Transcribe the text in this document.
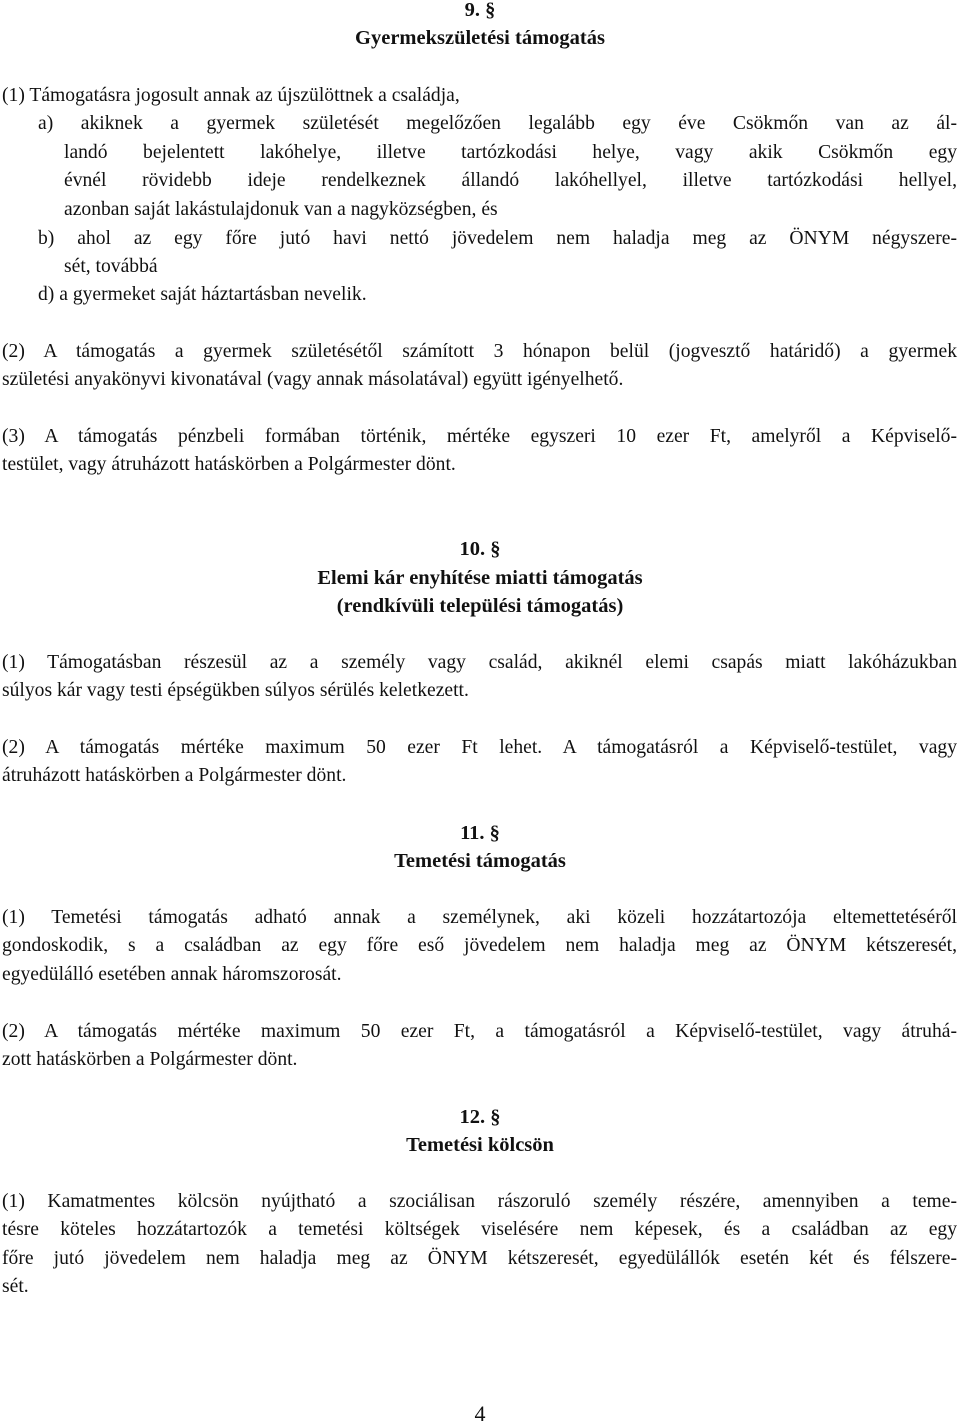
9. §
Gyermekszületési támogatás
(1) Támogatásra jogosult annak az újszülöttnek a családja,
a) akiknek a gyermek születését megelőzően legalább egy éve Csökmőn van az ál-
landó bejelentett lakóhelye, illetve tartózkodási helye, vagy akik Csökmőn egy
évnél rövidebb ideje rendelkeznek állandó lakóhellyel, illetve tartózkodási hellyel,
azonban saját lakástulajdonuk van a nagyközségben, és
b) ahol az egy főre jutó havi nettó jövedelem nem haladja meg az ÖNYM négyszere-
sét, továbbá
d) a gyermeket saját háztartásban nevelik.
(2) A támogatás a gyermek születésétől számított 3 hónapon belül (jogvesztő határidő) a gyermek
születési anyakönyvi kivonatával (vagy annak másolatával) együtt igényelhető.
(3) A támogatás pénzbeli formában történik, mértéke egyszeri 10 ezer Ft, amelyről a Képviselő-
testület, vagy átruházott hatáskörben a Polgármester dönt.
10. §
Elemi kár enyhítése miatti támogatás
(rendkívüli települési támogatás)
(1) Támogatásban részesül az a személy vagy család, akiknél elemi csapás miatt lakóházukban
súlyos kár vagy testi épségükben súlyos sérülés keletkezett.
(2) A támogatás mértéke maximum 50 ezer Ft lehet. A támogatásról a Képviselő-testület, vagy
átruházott hatáskörben a Polgármester dönt.
11. §
Temetési támogatás
(1) Temetési támogatás adható annak a személynek, aki közeli hozzátartozója eltemettetéséről
gondoskodik, s a családban az egy főre eső jövedelem nem haladja meg az ÖNYM kétszeresét,
egyedülálló esetében annak háromszorosát.
(2) A támogatás mértéke maximum 50 ezer Ft, a támogatásról a Képviselő-testület, vagy átruhá-
zott hatáskörben a Polgármester dönt.
12. §
Temetési kölcsön
(1) Kamatmentes kölcsön nyújtható a szociálisan rászoruló személy részére, amennyiben a teme-
tésre köteles hozzátartozók a temetési költségek viselésére nem képesek, és a családban az egy
főre jutó jövedelem nem haladja meg az ÖNYM kétszeresét, egyedülállók esetén két és félszere-
sét.
4
